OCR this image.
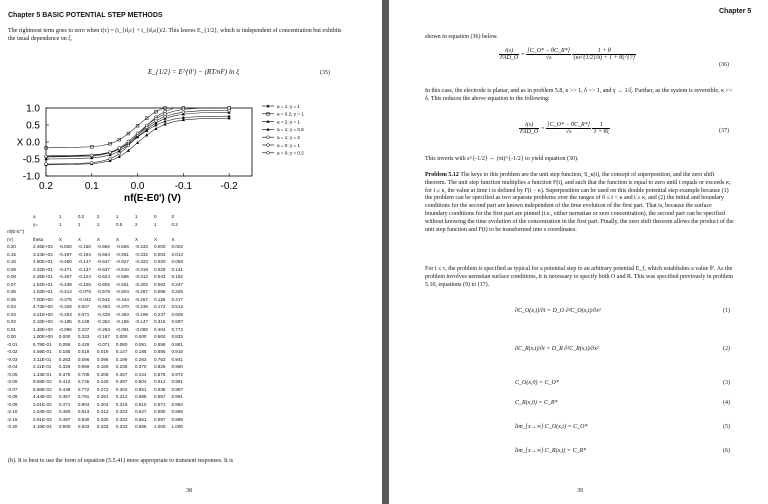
Chapter 5 BASIC POTENTIAL STEP METHODS
The rightmost term goes to zero when i(τ) = (i_{d,c} + i_{d,a})/2. This leaves E_{1/2}, which is independent of concentration but exhibits the usual dependence on ξ.
E_{1/2} = E^{0'} − (RT/nF) ln ξ	(35)
1.0
0.5
X 0.0
-0.5
-1.0
0.2	0.1	0.0	-0.1	-0.2
a = 1; γ = 1
a = 0.2; γ = 1
a = 2; γ = 1
a = 1; γ = 0.5
a = 1; γ = 2
a = 0; γ = 1
a = 0; γ = 0.2
nf(E-E0') (V)
	a	1	0.2	2	1	1	0	0	
	γ=	1	1	1	0.5	2	1	0.2	
nf(E-E°')									
(V)	theta	X	X	X	X	X	X	X	
0.20	2.46E+03	-0.500	-0.166	-0.666	-0.666	-0.333	0.000	0.002	
0.15	3.43E+02	-0.497	-0.164	-0.664	-0.661	-0.332	0.003	0.014	
0.10	4.90E+01	-0.480	-0.147	-0.647	-0.627	-0.323	0.020	0.093	
0.09	3.32E+01	-0.471	-0.137	-0.637	-0.610	-0.319	0.029	0.131	
0.08	2.25E+01	-0.457	-0.124	-0.624	-0.585	-0.312	0.043	0.182	
0.07	1.52E+01	-0.438	-0.105	-0.605	-0.551	-0.302	0.062	0.247	
0.06	1.03E+01	-0.412	-0.078	-0.578	-0.504	-0.287	0.088	0.326	
0.05	7.00E+00	-0.375	-0.042	-0.542	-0.444	-0.267	0.125	0.417	
0.04	4.74E+00	-0.326	0.007	-0.493	-0.370	-0.236	0.174	0.513	
0.03	3.21E+00	-0.263	0.071	-0.429	-0.283	-0.199	0.237	0.609	
0.02	2.18E+00	-0.185	0.148	-0.352	-0.186	-0.147	0.315	0.697	
0.01	1.48E+00	-0.096	0.237	-0.263	-0.091	-0.080	0.404	0.772	
0.00	1.00E+00	0.000	0.333	-0.167	0.000	0.000	0.500	0.833	
-0.01	6.78E-01	0.096	0.429	-0.071	0.080	0.091	0.596	0.881	
-0.02	4.59E-01	0.185	0.519	0.019	0.147	0.185	0.685	0.916	
-0.03	3.11E-01	0.263	0.596	0.096	0.199	0.283	0.763	0.941	
-0.04	2.11E-01	0.326	0.659	0.159	0.236	0.370	0.826	0.960	
-0.05	1.43E-01	0.375	0.708	0.208	0.267	0.444	0.875	0.972	
-0.06	9.68E-02	0.412	0.745	0.245	0.287	0.504	0.912	0.981	
-0.07	6.56E-02	0.438	0.772	0.272	0.302	0.551	0.938	0.987	
-0.08	4.44E-02	0.457	0.791	0.291	0.312	0.585	0.957	0.991	
-0.09	3.01E-02	0.471	0.804	0.304	0.319	0.610	0.971	0.994	
-0.10	2.04E-02	0.480	0.813	0.313	0.323	0.627	0.980	0.996	
-0.15	2.91E-03	0.497	0.830	0.330	0.332	0.661	0.997	0.999	
-0.20	4.16E-04	0.500	0.833	0.333	0.333	0.666	1.000	1.000	
(b). It is best to use the form of equation (5.5.41) more appropriate to transient responses. It is
38
Chapter 5
shown in equation (36) below.
$\frac{i(s)}{\text{FAD\_O}} = \frac{[C\_O* - \theta C\_R*]}{√s}$
$\frac{1 + \theta}{(\kappa s\^{}\{1/2\}/\delta) + 1 + \theta\xi\^{}\{?\}}$
(36)
In this case, the electrode is planar, and as in problem 5.8, κ >> 1, δ >> 1, and γ → 1/ξ. Further, as the system is reversible, κ >> δ. This reduces the above equation to the following:
$\frac{i(s)}{\text{FAD\_O}} = \frac{[C\_O* - \theta C\_R*]}{√s}$
$\frac{1}{1 + \theta\xi}$	(37)
This inverts with s^{-1/2} ⇔ (πt)^{-1/2} to yield equation (30).
Problem 5.12 The keys to this problem are the unit step function, S_κ(t), the concept of superposition, and the zero shift theorem. The unit step function multiplies a function F(t), and such that the function is equal to zero until t equals or exceeds κ; for t ≥ κ, the value at time t is defined by F(t − κ). Superposition can be used on this double potential step example because (1) the problem can be specified as two separate problems over the ranges of 0 ≤ t < κ and t ≥ κ, and (2) the initial and boundary conditions for the second part are known independent of the time evolution of the first part. That is, because the surface boundary conditions for the first part are pinned (i.e., either nernstian or zero concentration), the second part can be specified without knowing the time evolution of the concentration in the first part. Finally, the zero shift theorem allows the product of the unit step function and F(t) to be transformed into s coordinates.
For t ≤ τ, the problem is specified as typical for a potential step to an arbitrary potential E_f, which establishes a value θ'. As the problem involves nernstian surface conditions, it is necessary to specify both O and R. This was specified previously in problem 5.10, equations (9) to (17).
∂C_O(x,t)/∂t = D_O ∂²C_O(x,t)/∂x²	(1)
∂C_R(x,t)/∂t = D_R ∂²C_R(x,t)/∂x²	(2)
C_O(x,0) = C_O*	(3)
C_R(x,0) = C_R*	(4)
lim_{x→∞} C_O(x,t) = C_O*	(5)
lim_{x→∞} C_R(x,t) = C_R*	(6)
39
